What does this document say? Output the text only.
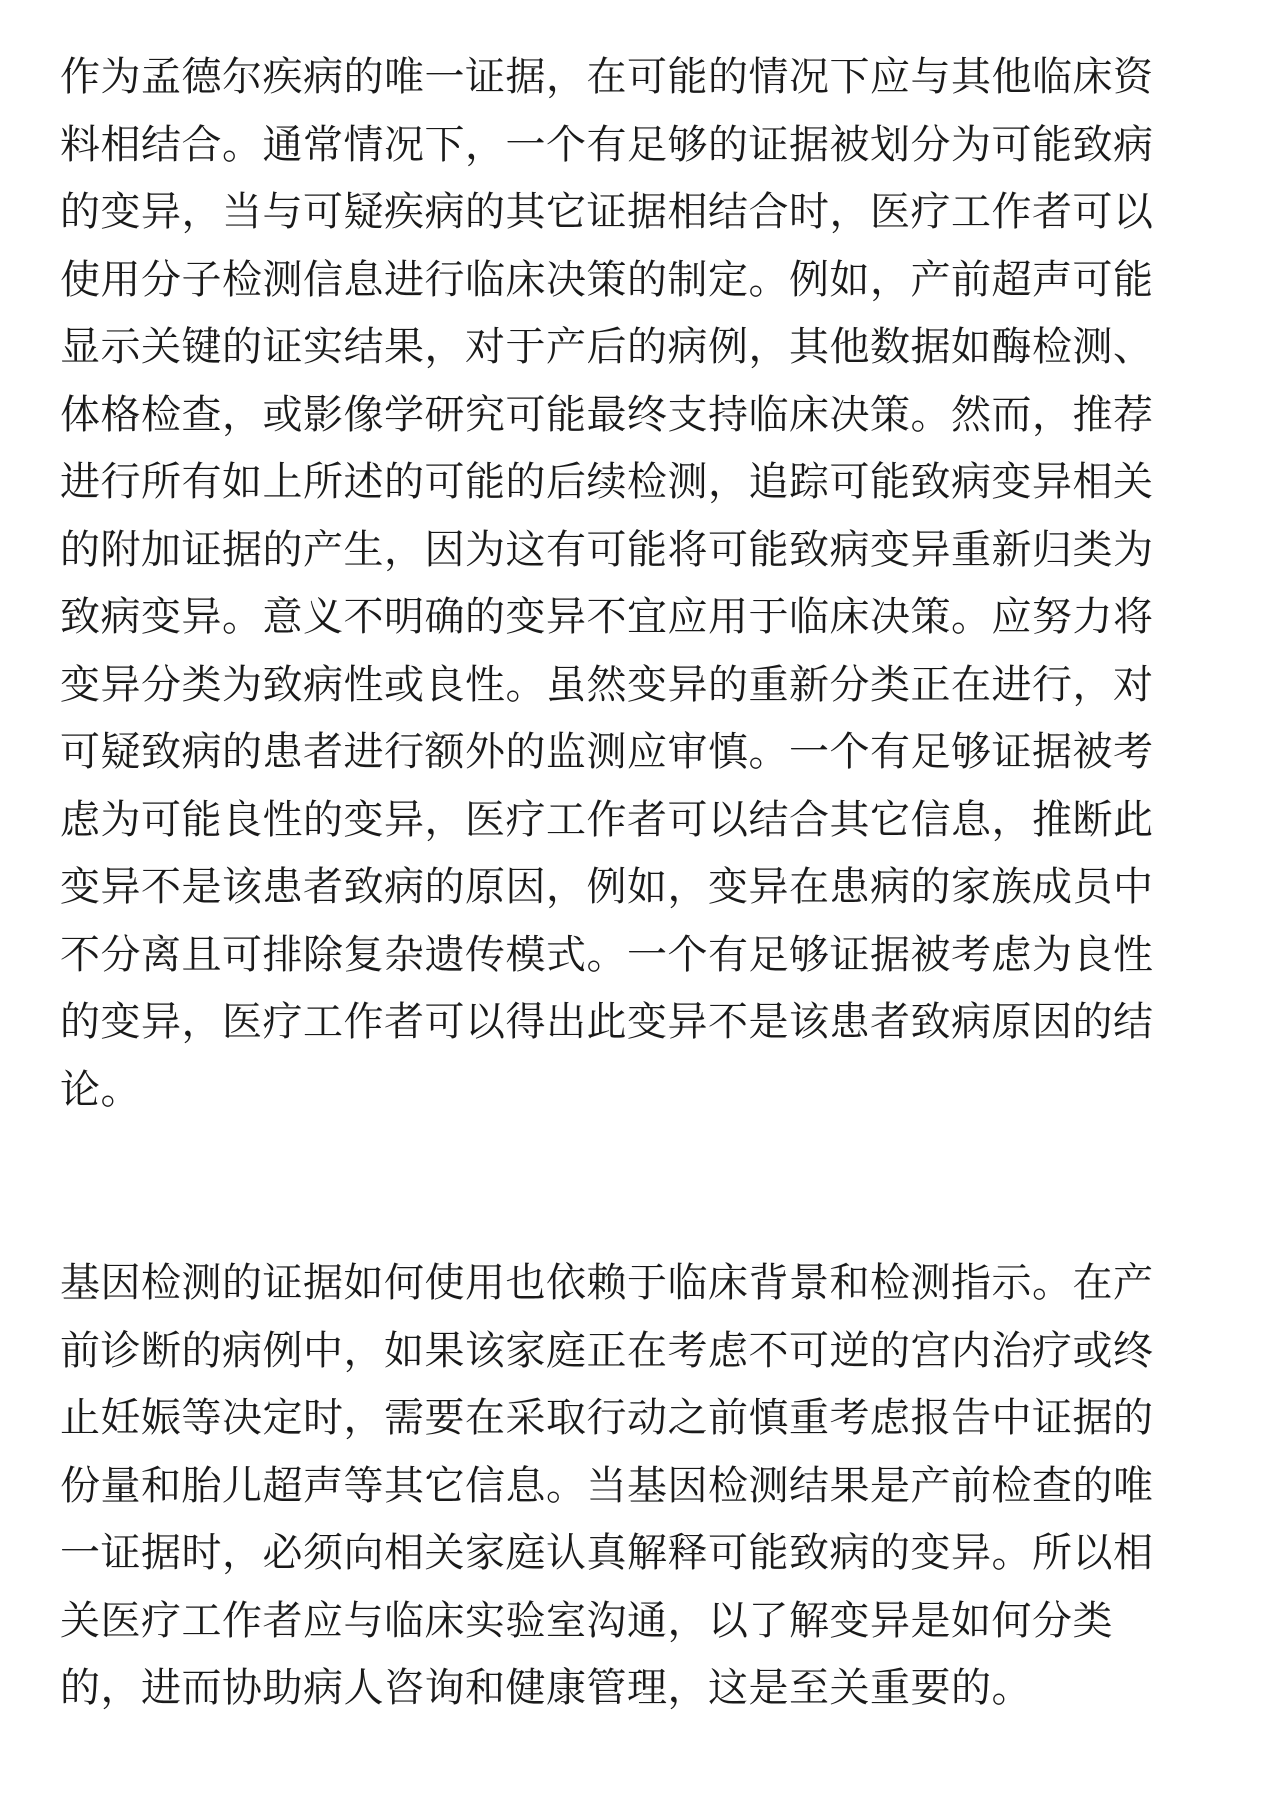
作为孟德尔疾病的唯一证据，在可能的情况下应与其他临床资
料相结合。通常情况下，一个有足够的证据被划分为可能致病
的变异，当与可疑疾病的其它证据相结合时，医疗工作者可以
使用分子检测信息进行临床决策的制定。例如，产前超声可能
显示关键的证实结果，对于产后的病例，其他数据如酶检测、
体格检查，或影像学研究可能最终支持临床决策。然而，推荐
进行所有如上所述的可能的后续检测，追踪可能致病变异相关
的附加证据的产生，因为这有可能将可能致病变异重新归类为
致病变异。意义不明确的变异不宜应用于临床决策。应努力将
变异分类为致病性或良性。虽然变异的重新分类正在进行，对
可疑致病的患者进行额外的监测应审慎。一个有足够证据被考
虑为可能良性的变异，医疗工作者可以结合其它信息，推断此
变异不是该患者致病的原因，例如，变异在患病的家族成员中
不分离且可排除复杂遗传模式。一个有足够证据被考虑为良性
的变异，医疗工作者可以得出此变异不是该患者致病原因的结
论。
基因检测的证据如何使用也依赖于临床背景和检测指示。在产
前诊断的病例中，如果该家庭正在考虑不可逆的宫内治疗或终
止妊娠等决定时，需要在采取行动之前慎重考虑报告中证据的
份量和胎儿超声等其它信息。当基因检测结果是产前检查的唯
一证据时，必须向相关家庭认真解释可能致病的变异。所以相
关医疗工作者应与临床实验室沟通，以了解变异是如何分类
的，进而协助病人咨询和健康管理，这是至关重要的。
